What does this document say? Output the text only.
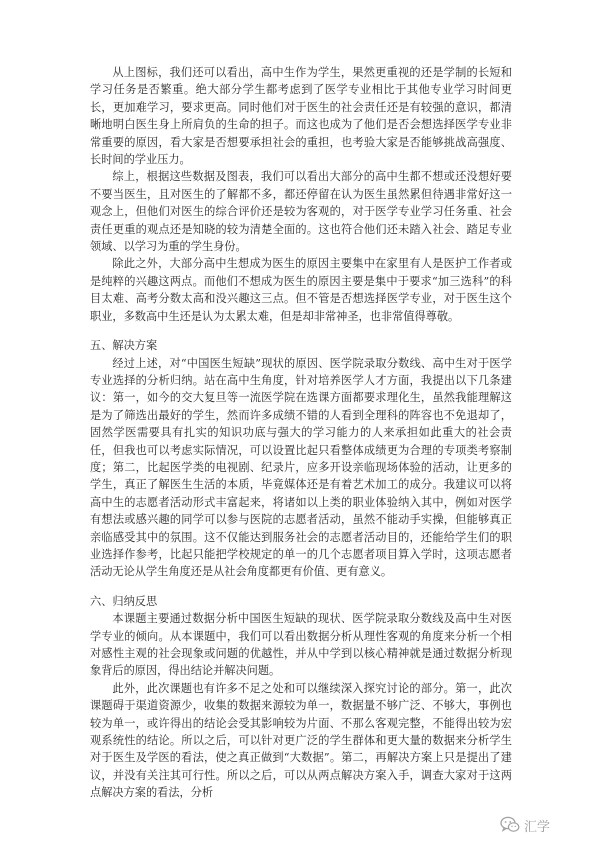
从上图标，我们还可以看出，高中生作为学生，果然更重视的还是学制的长短和学习任务是否繁重。绝大部分学生都考虑到了医学专业相比于其他专业学习时间更长，更加难学习，要求更高。同时他们对于医生的社会责任还是有较强的意识，都清晰地明白医生身上所肩负的生命的担子。而这也成为了他们是否会想选择医学专业非常重要的原因，看大家是否想要承担社会的重担，也考验大家是否能够挑战高强度、长时间的学业压力。

综上，根据这些数据及图表，我们可以看出大部分的高中生都不想或还没想好要不要当医生，且对医生的了解都不多，都还停留在认为医生虽然累但待遇非常好这一观念上，但他们对医生的综合评价还是较为客观的，对于医学专业学习任务重、社会责任更重的观点还是知晓的较为清楚全面的。这也符合他们还未踏入社会、踏足专业领域、以学习为重的学生身份。

除此之外，大部分高中生想成为医生的原因主要集中在家里有人是医护工作者或是纯粹的兴趣这两点。而他们不想成为医生的原因主要是集中于要求“加三选科”的科目太难、高考分数太高和没兴趣这三点。但不管是否想选择医学专业，对于医生这个职业，多数高中生还是认为太累太难，但是却非常神圣，也非常值得尊敬。

五、解决方案

经过上述，对“中国医生短缺”现状的原因、医学院录取分数线、高中生对于医学专业选择的分析归纳。站在高中生角度，针对培养医学人才方面，我提出以下几条建议：第一，如今的交大复旦等一流医学院在选课方面都要求理化生，虽然我能理解这是为了筛选出最好的学生，然而许多成绩不错的人看到全理科的阵容也不免退却了，固然学医需要具有扎实的知识功底与强大的学习能力的人来承担如此重大的社会责任，但我也可以考虑实际情况，可以设置比起只看整体成绩更为合理的专项类考察制度；第二，比起医学类的电视剧、纪录片，应多开设亲临现场体验的活动，让更多的学生，真正了解医生生活的本质，毕竟媒体还是有着艺术加工的成分。我建议可以将高中生的志愿者活动形式丰富起来，将诸如以上类的职业体验纳入其中，例如对医学有想法或感兴趣的同学可以参与医院的志愿者活动，虽然不能动手实操，但能够真正亲临感受其中的氛围。这不仅能达到服务社会的志愿者活动目的，还能给学生们的职业选择作参考，比起只能把学校规定的单一的几个志愿者项目算入学时，这项志愿者活动无论从学生角度还是从社会角度都更有价值、更有意义。

六、归纳反思

本课题主要通过数据分析中国医生短缺的现状、医学院录取分数线及高中生对医学专业的倾向。从本课题中，我们可以看出数据分析从理性客观的角度来分析一个相对感性主观的社会现象或问题的优越性，并从中学到以核心精神就是通过数据分析现象背后的原因，得出结论并解决问题。

此外，此次课题也有许多不足之处和可以继续深入探究讨论的部分。第一，此次课题碍于渠道资源少，收集的数据来源较为单一，数据量不够广泛、不够大，事例也较为单一，或许得出的结论会受其影响较为片面、不那么客观完整，不能得出较为宏观系统性的结论。所以之后，可以针对更广泛的学生群体和更大量的数据来分析学生对于医生及学医的看法，使之真正做到“大数据”。第二，再解决方案上只是提出了建议，并没有关注其可行性。所以之后，可以从两点解决方案入手，调查大家对于这两点解决方案的看法，分析

汇学
